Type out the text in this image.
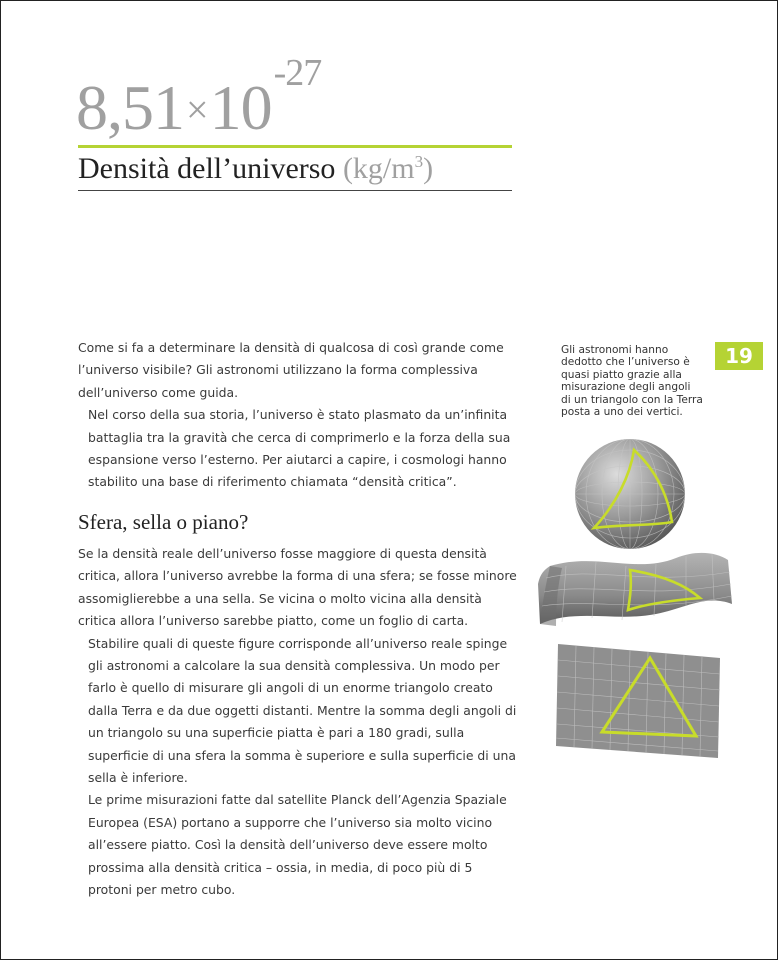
$8,51\times 10^{-27}$
Densità dell’universo $(kg/m^3)$
Come si fa a determinare la densità di qualcosa di così grande come l’universo visibile? Gli astronomi utilizzano la forma complessiva dell’universo come guida.
Nel corso della sua storia, l’universo è stato plasmato da un’infinita battaglia tra la gravità che cerca di comprimerlo e la forza della sua espansione verso l’esterno. Per aiutarci a capire, i cosmologi hanno stabilito una base di riferimento chiamata “densità critica”.
Sfera, sella o piano?
Se la densità reale dell’universo fosse maggiore di questa densità critica, allora l’universo avrebbe la forma di una sfera; se fosse minore assomiglierebbe a una sella. Se vicina o molto vicina alla densità critica allora l’universo sarebbe piatto, come un foglio di carta.
Stabilire quali di queste figure corrisponde all’universo reale spinge gli astronomi a calcolare la sua densità complessiva. Un modo per farlo è quello di misurare gli angoli di un enorme triangolo creato dalla Terra e da due oggetti distanti. Mentre la somma degli angoli di un triangolo su una superficie piatta è pari a 180 gradi, sulla superficie di una sfera la somma è superiore e sulla superficie di una sella è inferiore.
Le prime misurazioni fatte dal satellite Planck dell’Agenzia Spaziale Europea (ESA) portano a supporre che l’universo sia molto vicino all’essere piatto. Così la densità dell’universo deve essere molto prossima alla densità critica – ossia, in media, di poco più di 5 protoni per metro cubo.
Gli astronomi hanno dedotto che l’universo è quasi piatto grazie alla misurazione degli angoli di un triangolo con la Terra posta a uno dei vertici.
19
